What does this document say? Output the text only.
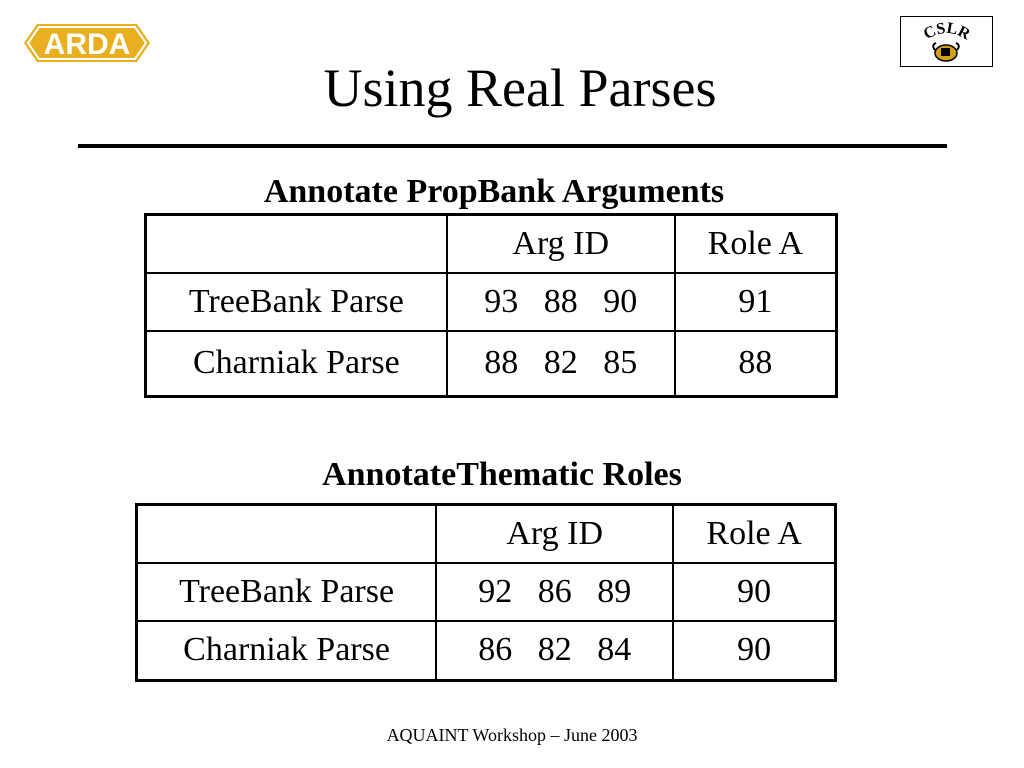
ARDA	CSLR
Using Real Parses
Annotate PropBank Arguments
	Arg ID	Role A
TreeBank Parse	93   88   90	91
Charniak Parse	88   82   85	88
AnnotateThematic Roles
	Arg ID	Role A
TreeBank Parse	92   86   89	90
Charniak Parse	86   82   84	90
AQUAINT Workshop – June 2003
